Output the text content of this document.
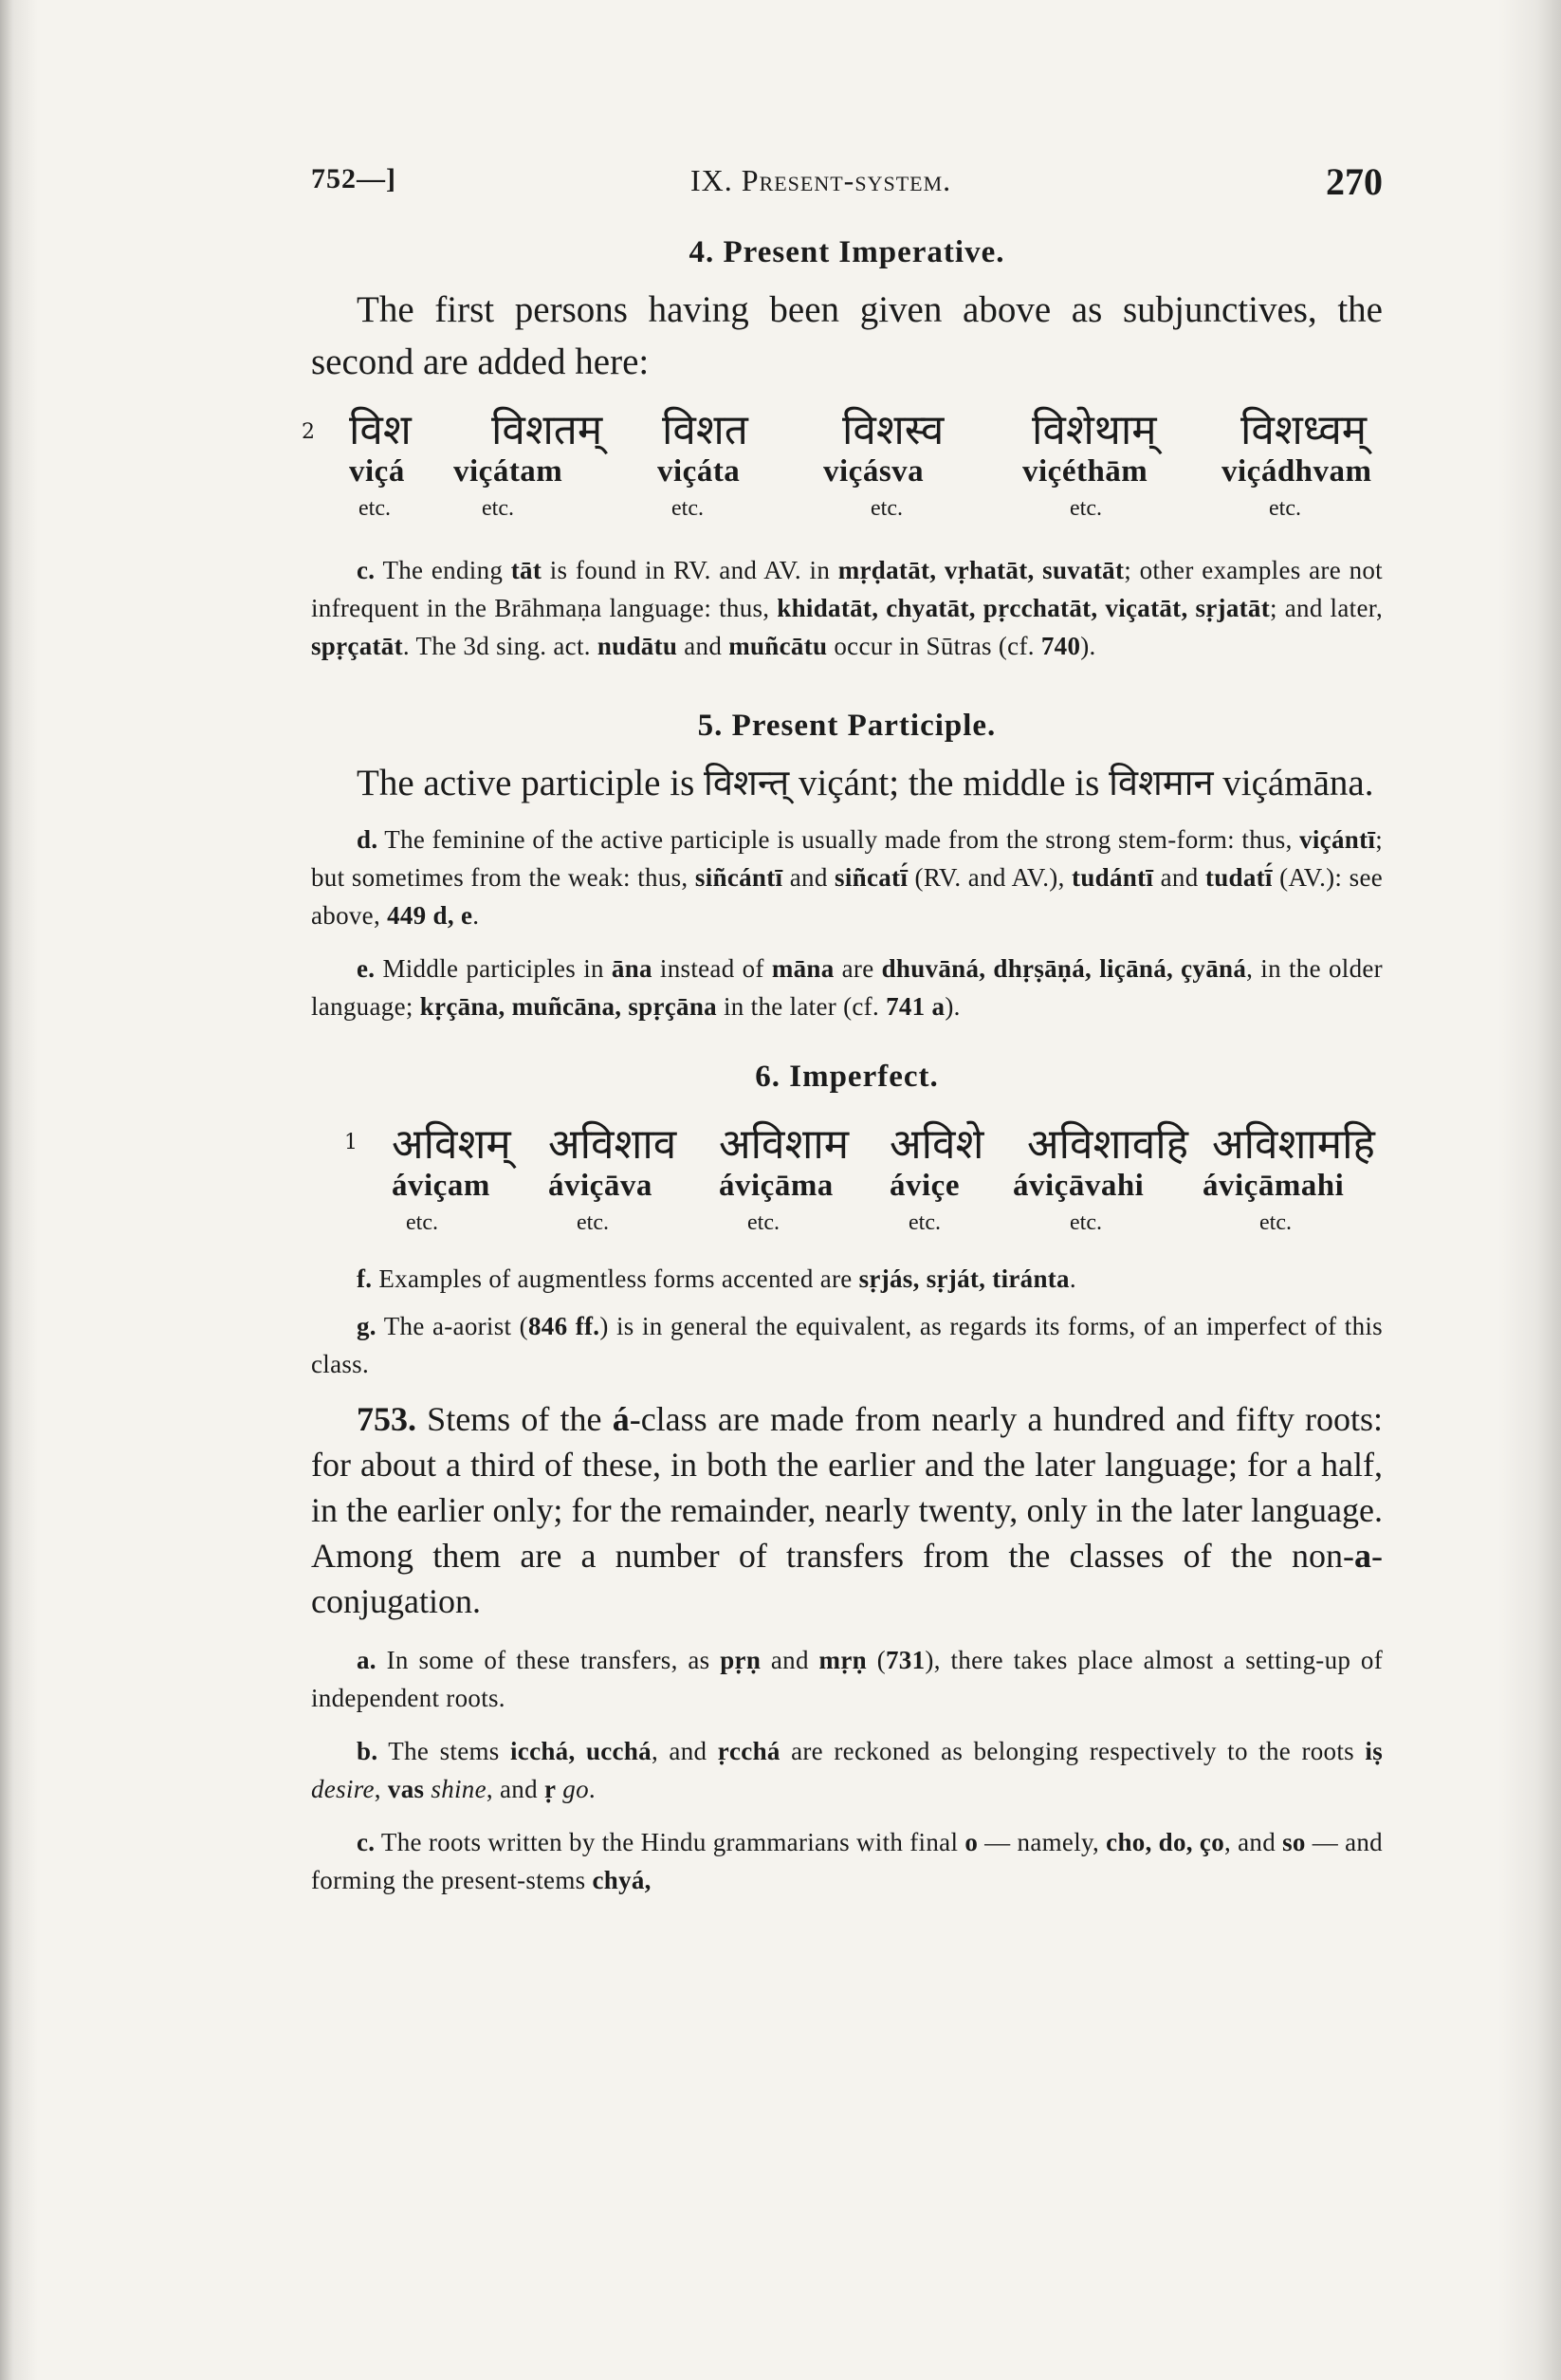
752—]	IX. Present-system.	270
4. Present Imperative.

The first persons having been given above as subjunctives, the second are added here:

2 विश विशतम् विशत विशस्व विशेथाम् विशध्वम्
viçá viçátam	viçáta	viçásva	viçéthām viçádhvam
etc.	etc.	etc.	etc.	etc.	etc.

c. The ending tāt is found in RV. and AV. in mṛḍatāt, vṛhatāt, suvatāt; other examples are not infrequent in the Brāhmaṇa language: thus, khidatāt, chyatāt, pṛcchatāt, viçatāt, sṛjatāt; and later, spṛçatāt. The 3d sing. act. nudātu and muñcātu occur in Sūtras (cf. 740).

5. Present Participle.

The active participle is विशन्त् viçánt; the middle is विशमान viçámāna.

d. The feminine of the active participle is usually made from the strong stem-form: thus, viçántī; but sometimes from the weak: thus, siñcántī and siñcatī́ (RV. and AV.), tudántī and tudatī́ (AV.): see above, 449 d, e.

e. Middle participles in āna instead of māna are dhuvāná, dhṛṣāṇá, liçāná, çyāná, in the older language; kṛçāna, muñcāna, spṛçāna in the later (cf. 741 a).

6. Imperfect.
1 अविशम् अविशाव अविशाम अविशे अविशावहि अविशामहि
áviçam áviçāva áviçāma áviçe áviçāvahi áviçāmahi
etc.	etc.	etc.	etc.	etc.	etc.

f. Examples of augmentless forms accented are sṛjás, sṛját, tiránta.

g. The a-aorist (846 ff.) is in general the equivalent, as regards its forms, of an imperfect of this class.

753. Stems of the á-class are made from nearly a hundred and fifty roots: for about a third of these, in both the earlier and the later language; for a half, in the earlier only; for the remainder, nearly twenty, only in the later language. Among them are a number of transfers from the classes of the non-a-conjugation.

a. In some of these transfers, as pṛṇ and mṛṇ (731), there takes place almost a setting-up of independent roots.

b. The stems icchá, ucchá, and ṛcchá are reckoned as belonging respectively to the roots iṣ desire, vas shine, and ṛ go.

c. The roots written by the Hindu grammarians with final o — namely, cho, do, ço, and so — and forming the present-stems chyá,
